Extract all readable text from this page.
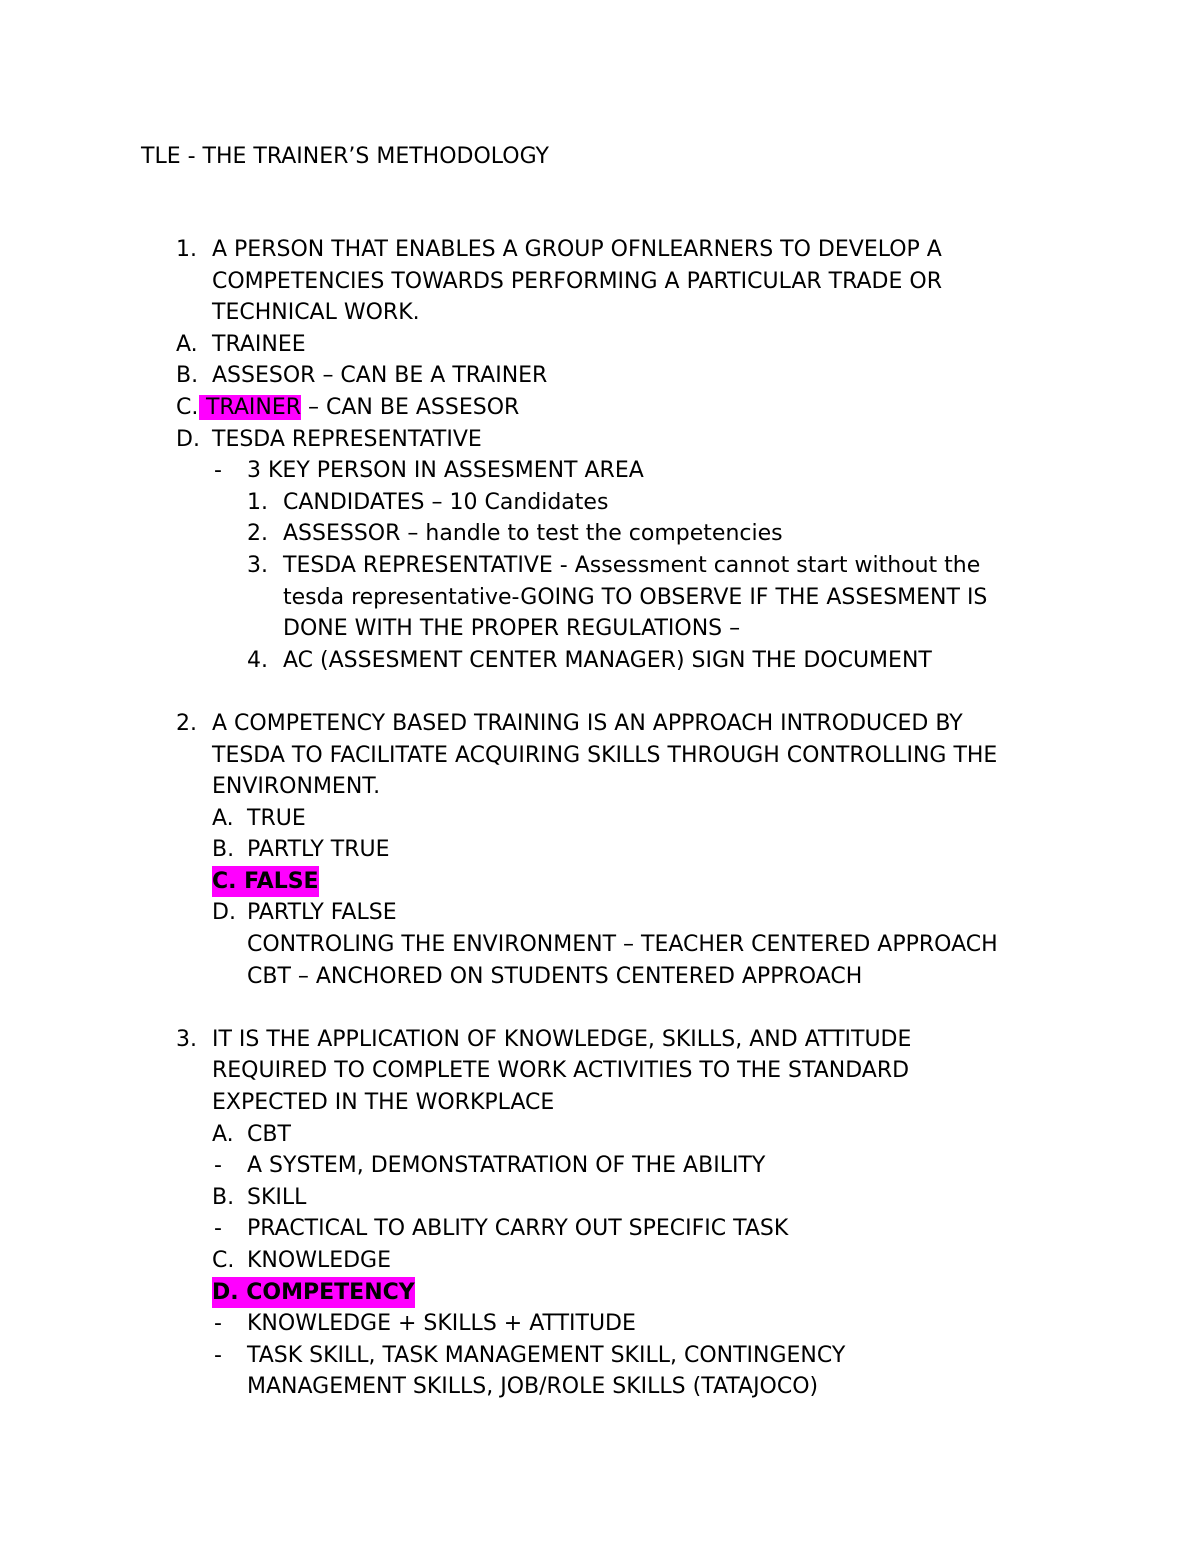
TLE - THE TRAINER’S METHODOLOGY
1. A PERSON THAT ENABLES A GROUP OFNLEARNERS TO DEVELOP A
COMPETENCIES TOWARDS PERFORMING A PARTICULAR TRADE OR
TECHNICAL WORK.
A. TRAINEE
B. ASSESOR – CAN BE A TRAINER
C. TRAINER – CAN BE ASSESOR
D. TESDA REPRESENTATIVE
- 3 KEY PERSON IN ASSESMENT AREA
1. CANDIDATES – 10 Candidates
2. ASSESSOR – handle to test the competencies
3. TESDA REPRESENTATIVE - Assessment cannot start without the
tesda representative-GOING TO OBSERVE IF THE ASSESMENT IS
DONE WITH THE PROPER REGULATIONS –
4. AC (ASSESMENT CENTER MANAGER) SIGN THE DOCUMENT
2. A COMPETENCY BASED TRAINING IS AN APPROACH INTRODUCED BY
TESDA TO FACILITATE ACQUIRING SKILLS THROUGH CONTROLLING THE
ENVIRONMENT.
A. TRUE
B. PARTLY TRUE
C. FALSE
D. PARTLY FALSE
CONTROLING THE ENVIRONMENT – TEACHER CENTERED APPROACH
CBT – ANCHORED ON STUDENTS CENTERED APPROACH
3. IT IS THE APPLICATION OF KNOWLEDGE, SKILLS, AND ATTITUDE
REQUIRED TO COMPLETE WORK ACTIVITIES TO THE STANDARD
EXPECTED IN THE WORKPLACE
A. CBT
- A SYSTEM, DEMONSTATRATION OF THE ABILITY
B. SKILL
- PRACTICAL TO ABLITY CARRY OUT SPECIFIC TASK
C. KNOWLEDGE
D. COMPETENCY
- KNOWLEDGE + SKILLS + ATTITUDE
- TASK SKILL, TASK MANAGEMENT SKILL, CONTINGENCY
MANAGEMENT SKILLS, JOB/ROLE SKILLS (TATAJOCO)
